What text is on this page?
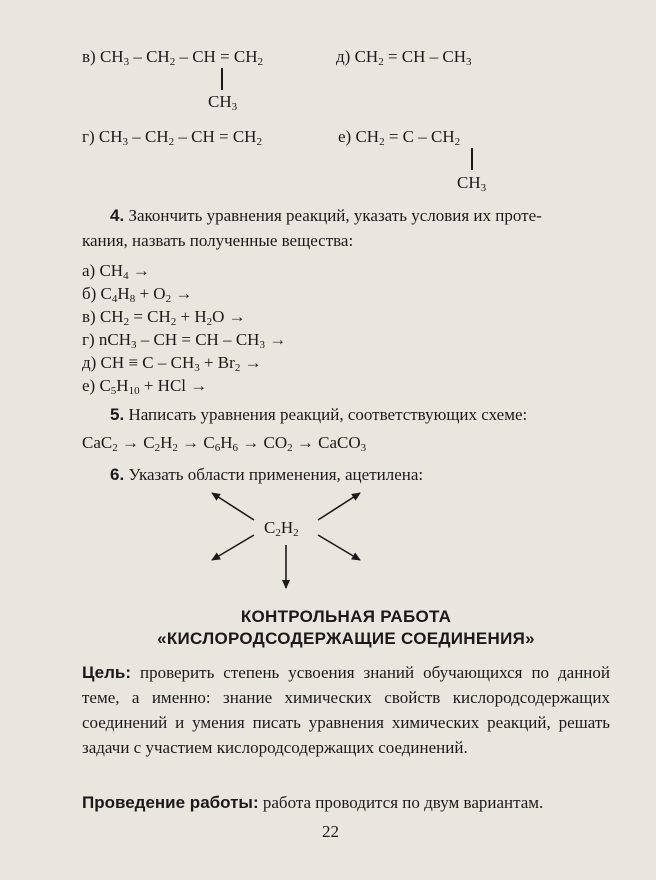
в) CH3 – CH2 – CH = CH2
CH3
д) CH2 = CH – CH3
г) CH3 – CH2 – CH = CH2	е) CH2 = C – CH2
CH3
4. Закончить уравнения реакций, указать условия их проте-
кания, назвать полученные вещества:
а) CH4 →
б) C4H8 + O2 →
в) CH2 = CH2 + H2O →
г) nCH3 – CH = CH – CH3 →
д) CH ≡ C – CH3 + Br2 →
е) C5H10 + HCl →
5. Написать уравнения реакций, соответствующих схеме:
CaC2 → C2H2 → C6H6 → CO2 → CaCO3
6. Указать области применения, ацетилена:
C2H2
КОНТРОЛЬНАЯ РАБОТА
«КИСЛОРОДСОДЕРЖАЩИЕ СОЕДИНЕНИЯ»
Цель: проверить степень усвоения знаний обучающихся по данной теме, а именно: знание химических свойств кислородсодержащих соединений и умения писать уравнения химических реакций, решать задачи с участием кислородсодержащих соединений.
Проведение работы: работа проводится по двум вариантам.
22
